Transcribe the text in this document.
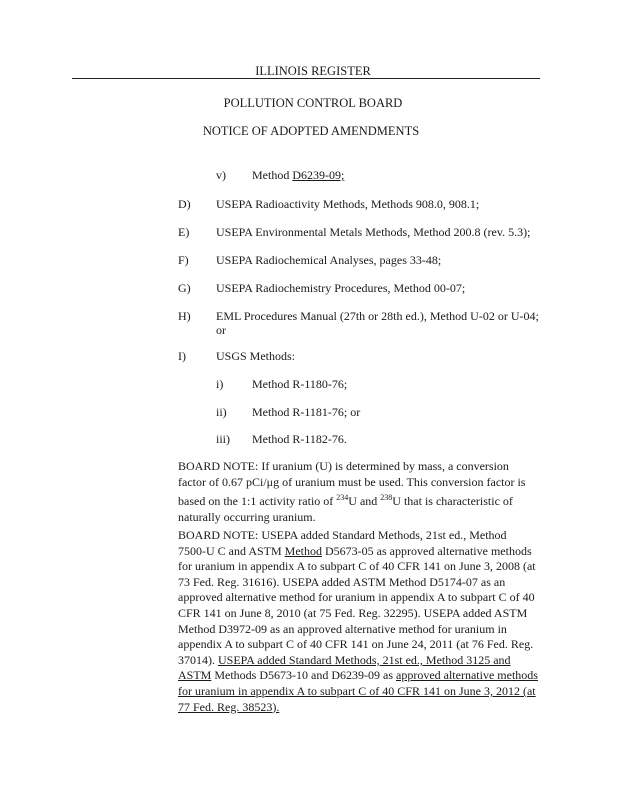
ILLINOIS REGISTER
POLLUTION CONTROL BOARD
NOTICE OF ADOPTED AMENDMENTS
v) Method D6239-09;
D) USEPA Radioactivity Methods, Methods 908.0, 908.1;
E) USEPA Environmental Metals Methods, Method 200.8 (rev. 5.3);
F) USEPA Radiochemical Analyses, pages 33-48;
G) USEPA Radiochemistry Procedures, Method 00-07;
H) EML Procedures Manual (27th or 28th ed.), Method U-02 or U-04;
or
I)	USGS Methods:
i) Method R-1180-76;
ii) Method R-1181-76; or
iii) Method R-1182-76.
BOARD NOTE: If uranium (U) is determined by mass, a conversion
factor of 0.67 pCi/μg of uranium must be used. This conversion factor is
based on the 1:1 activity ratio of $^{234}$U and $^{238}$U that is characteristic of
naturally occurring uranium.
BOARD NOTE: USEPA added Standard Methods, 21st ed., Method
7500-U C and ASTM Method D5673-05 as approved alternative methods
for uranium in appendix A to subpart C of 40 CFR 141 on June 3, 2008 (at
73 Fed. Reg. 31616). USEPA added ASTM Method D5174-07 as an
approved alternative method for uranium in appendix A to subpart C of 40
CFR 141 on June 8, 2010 (at 75 Fed. Reg. 32295). USEPA added ASTM
Method D3972-09 as an approved alternative method for uranium in
appendix A to subpart C of 40 CFR 141 on June 24, 2011 (at 76 Fed. Reg.
37014). USEPA added Standard Methods, 21st ed., Method 3125 and
ASTM Methods D5673-10 and D6239-09 as approved alternative methods
for uranium in appendix A to subpart C of 40 CFR 141 on June 3, 2012 (at
77 Fed. Reg. 38523).
